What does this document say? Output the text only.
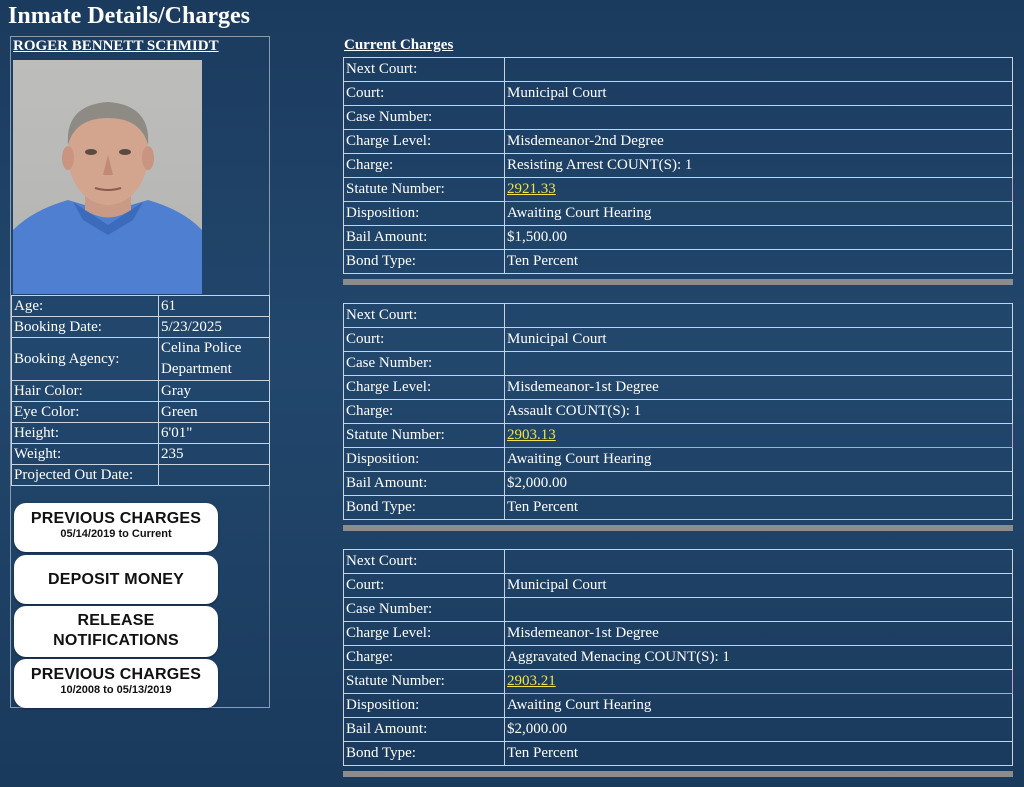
Inmate Details/Charges
ROGER BENNETT SCHMIDT
Age:	61
Booking Date:	5/23/2025
Booking Agency:	Celina Police Department
Hair Color:	Gray
Eye Color:	Green
Height:	6'01"
Weight:	235
Projected Out Date:	
PREVIOUS CHARGES
05/14/2019 to Current
DEPOSIT MONEY
RELEASE
NOTIFICATIONS
PREVIOUS CHARGES
10/2008 to 05/13/2019
Current Charges
Next Court:	
Court:	Municipal Court
Case Number:	
Charge Level:	Misdemeanor-2nd Degree
Charge:	Resisting Arrest COUNT(S): 1
Statute Number:	2921.33
Disposition:	Awaiting Court Hearing
Bail Amount:	$1,500.00
Bond Type:	Ten Percent
Next Court:	
Court:	Municipal Court
Case Number:	
Charge Level:	Misdemeanor-1st Degree
Charge:	Assault COUNT(S): 1
Statute Number:	2903.13
Disposition:	Awaiting Court Hearing
Bail Amount:	$2,000.00
Bond Type:	Ten Percent
Next Court:	
Court:	Municipal Court
Case Number:	
Charge Level:	Misdemeanor-1st Degree
Charge:	Aggravated Menacing COUNT(S): 1
Statute Number:	2903.21
Disposition:	Awaiting Court Hearing
Bail Amount:	$2,000.00
Bond Type:	Ten Percent
